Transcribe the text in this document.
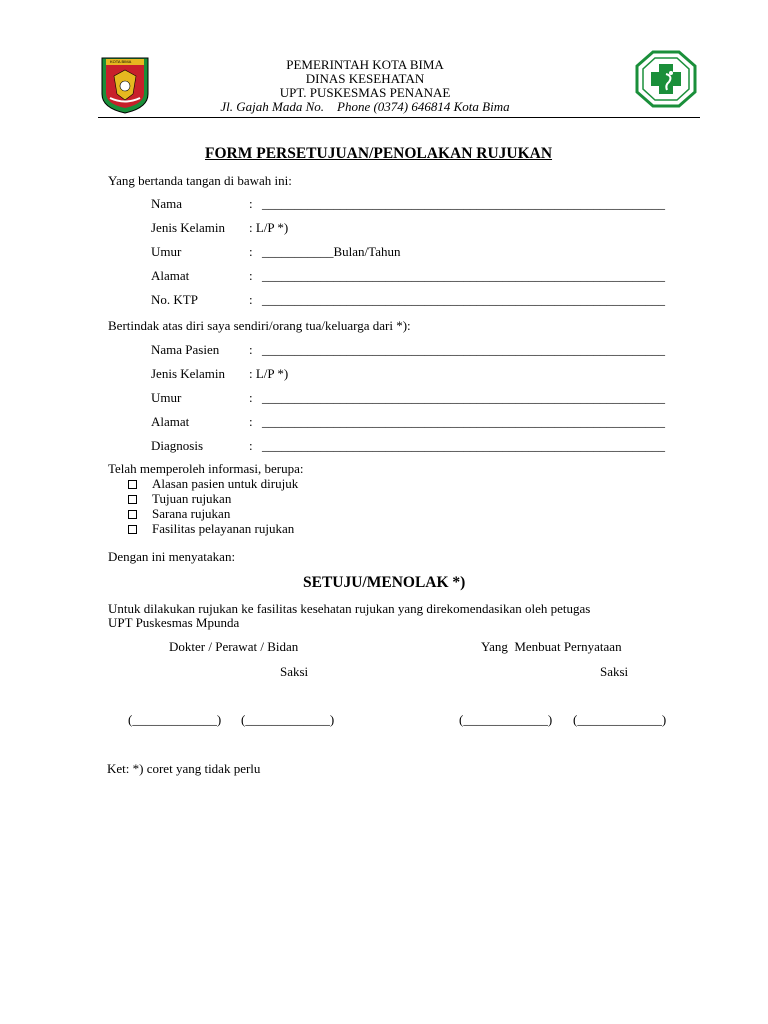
KOTA BIMA	PEMERINTAH KOTA BIMA
DINAS KESEHATAN
UPT. PUSKESMAS PENANAE
Jl. Gajah Mada No.    Phone (0374) 646814 Kota Bima
FORM PERSETUJUAN/PENOLAKAN RUJUKAN
Yang bertanda tangan di bawah ini:
Nama	: ______________________________________________________________
Jenis Kelamin : L/P *)
Umur	: ___________Bulan/Tahun
Alamat	: ______________________________________________________________
No. KTP	: ______________________________________________________________
Bertindak atas diri saya sendiri/orang tua/keluarga dari *):
Nama Pasien : ______________________________________________________________
Jenis Kelamin : L/P *)
Umur	: ______________________________________________________________
Alamat	: ______________________________________________________________
Diagnosis	: ______________________________________________________________
Telah memperoleh informasi, berupa:
Alasan pasien untuk dirujuk
Tujuan rujukan
Sarana rujukan
Fasilitas pelayanan rujukan
Dengan ini menyatakan:
SETUJU/MENOLAK *)
Untuk dilakukan rujukan ke fasilitas kesehatan rujukan yang direkomendasikan oleh petugas
UPT Puskesmas Mpunda
Dokter / Perawat / Bidan	Yang  Menbuat Pernyataan
Saksi	Saksi
(_____________) (_____________)	(_____________) (_____________)
Ket: *) coret yang tidak perlu
